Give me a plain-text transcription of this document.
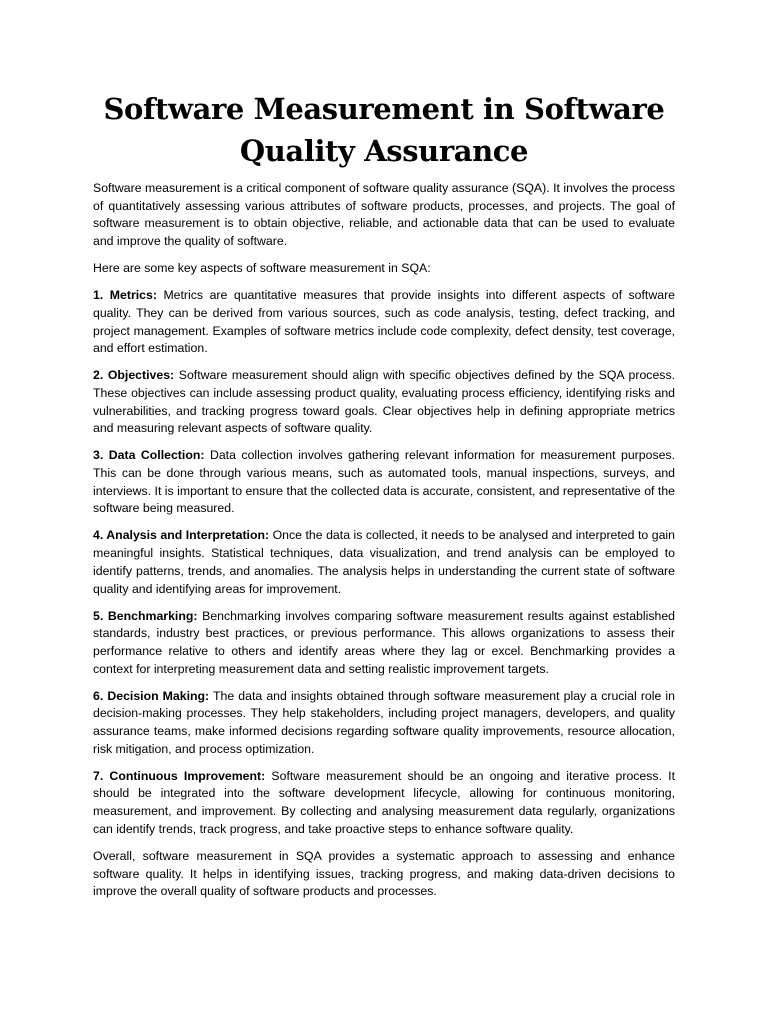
Software Measurement in Software Quality Assurance

Software measurement is a critical component of software quality assurance (SQA). It involves the process of quantitatively assessing various attributes of software products, processes, and projects. The goal of software measurement is to obtain objective, reliable, and actionable data that can be used to evaluate and improve the quality of software.

Here are some key aspects of software measurement in SQA:

1. Metrics: Metrics are quantitative measures that provide insights into different aspects of software quality. They can be derived from various sources, such as code analysis, testing, defect tracking, and project management. Examples of software metrics include code complexity, defect density, test coverage, and effort estimation.

2. Objectives: Software measurement should align with specific objectives defined by the SQA process. These objectives can include assessing product quality, evaluating process efficiency, identifying risks and vulnerabilities, and tracking progress toward goals. Clear objectives help in defining appropriate metrics and measuring relevant aspects of software quality.

3. Data Collection: Data collection involves gathering relevant information for measurement purposes. This can be done through various means, such as automated tools, manual inspections, surveys, and interviews. It is important to ensure that the collected data is accurate, consistent, and representative of the software being measured.

4. Analysis and Interpretation: Once the data is collected, it needs to be analysed and interpreted to gain meaningful insights. Statistical techniques, data visualization, and trend analysis can be employed to identify patterns, trends, and anomalies. The analysis helps in understanding the current state of software quality and identifying areas for improvement.

5. Benchmarking: Benchmarking involves comparing software measurement results against established standards, industry best practices, or previous performance. This allows organizations to assess their performance relative to others and identify areas where they lag or excel. Benchmarking provides a context for interpreting measurement data and setting realistic improvement targets.

6. Decision Making: The data and insights obtained through software measurement play a crucial role in decision-making processes. They help stakeholders, including project managers, developers, and quality assurance teams, make informed decisions regarding software quality improvements, resource allocation, risk mitigation, and process optimization.

7. Continuous Improvement: Software measurement should be an ongoing and iterative process. It should be integrated into the software development lifecycle, allowing for continuous monitoring, measurement, and improvement. By collecting and analysing measurement data regularly, organizations can identify trends, track progress, and take proactive steps to enhance software quality.

Overall, software measurement in SQA provides a systematic approach to assessing and enhance software quality. It helps in identifying issues, tracking progress, and making data-driven decisions to improve the overall quality of software products and processes.
